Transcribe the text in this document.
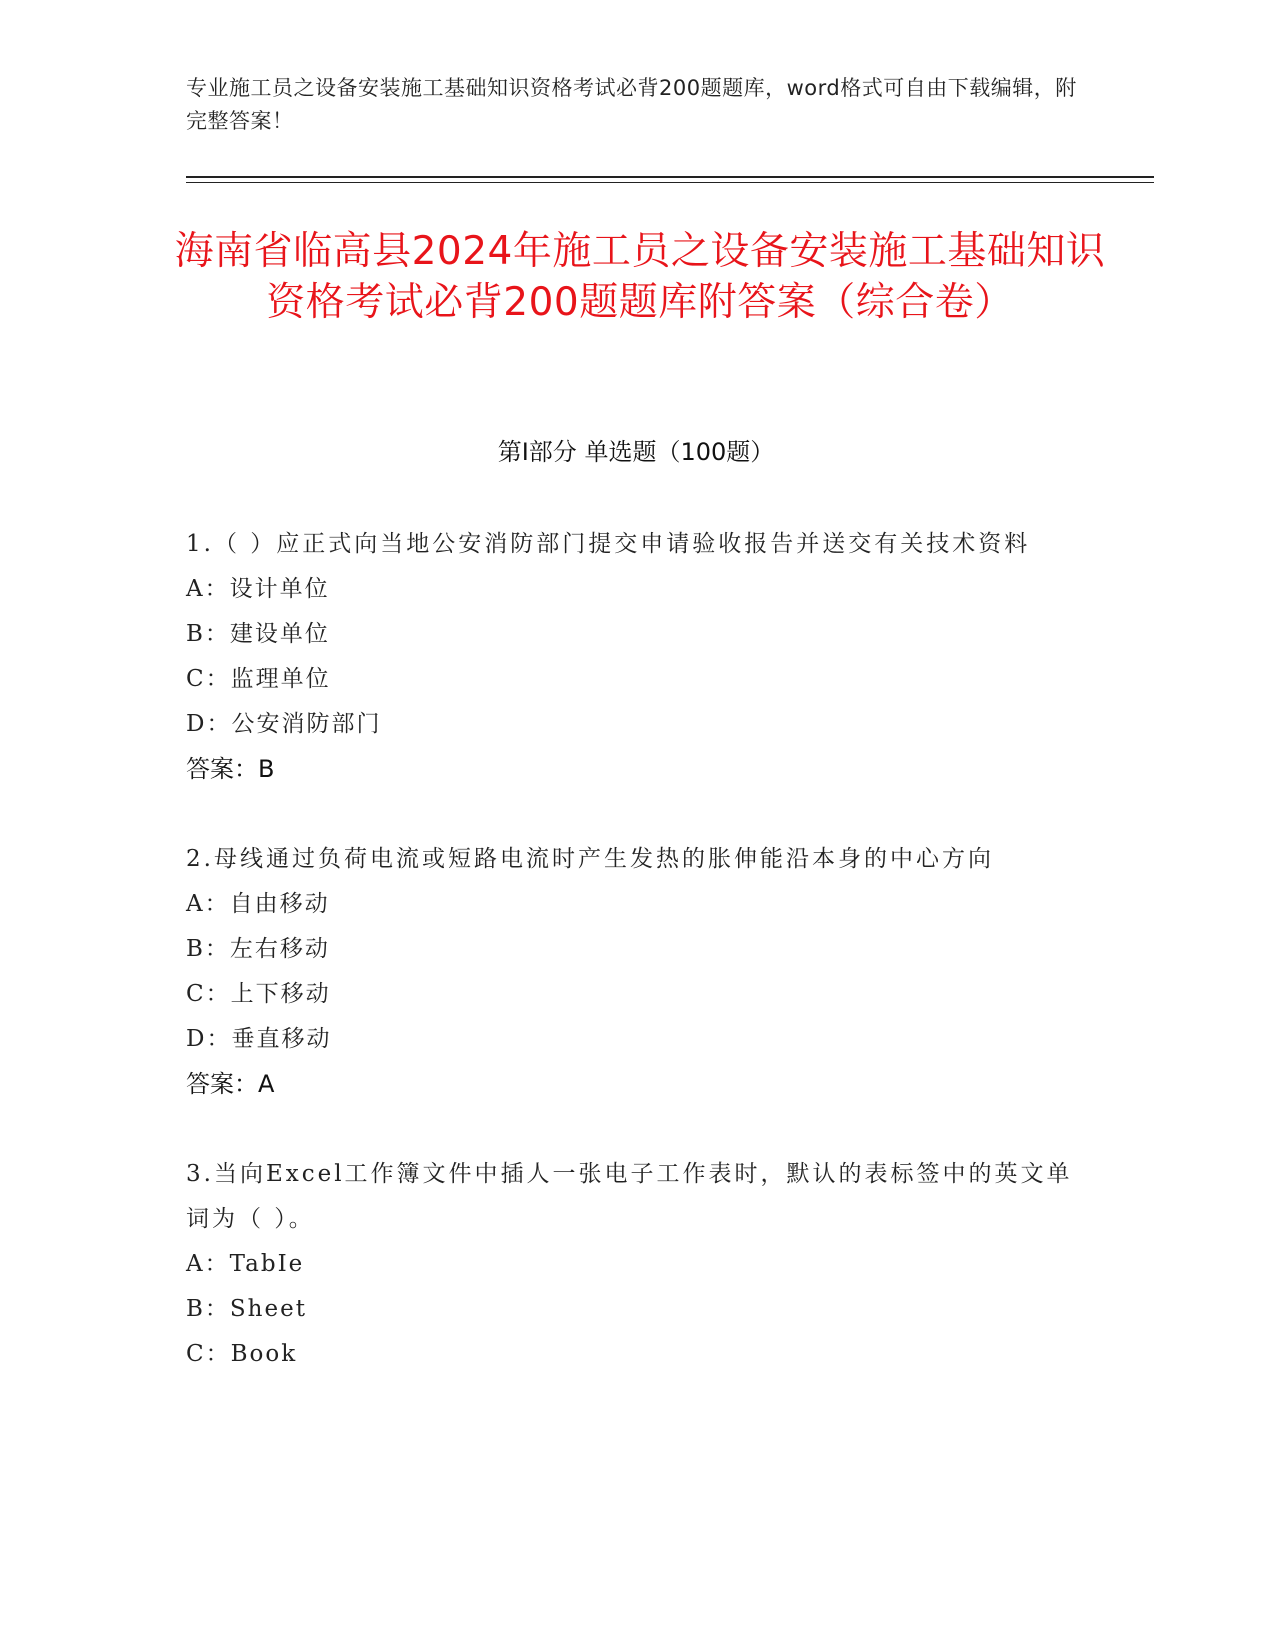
专业施工员之设备安装施工基础知识资格考试必背200题题库，word格式可自由下载编辑，附完整答案！
海南省临高县2024年施工员之设备安装施工基础知识资格考试必背200题题库附答案（综合卷）
第I部分 单选题（100题）
1.（ ）应正式向当地公安消防部门提交申请验收报告并送交有关技术资料
A：设计单位
B：建设单位
C：监理单位
D：公安消防部门
答案：B
2.母线通过负荷电流或短路电流时产生发热的胀伸能沿本身的中心方向
A：自由移动
B：左右移动
C：上下移动
D：垂直移动
答案：A
3.当向Excel工作簿文件中插人一张电子工作表时，默认的表标签中的英文单词为（ ）。
A：TabIe
B：Sheet
C：Book
